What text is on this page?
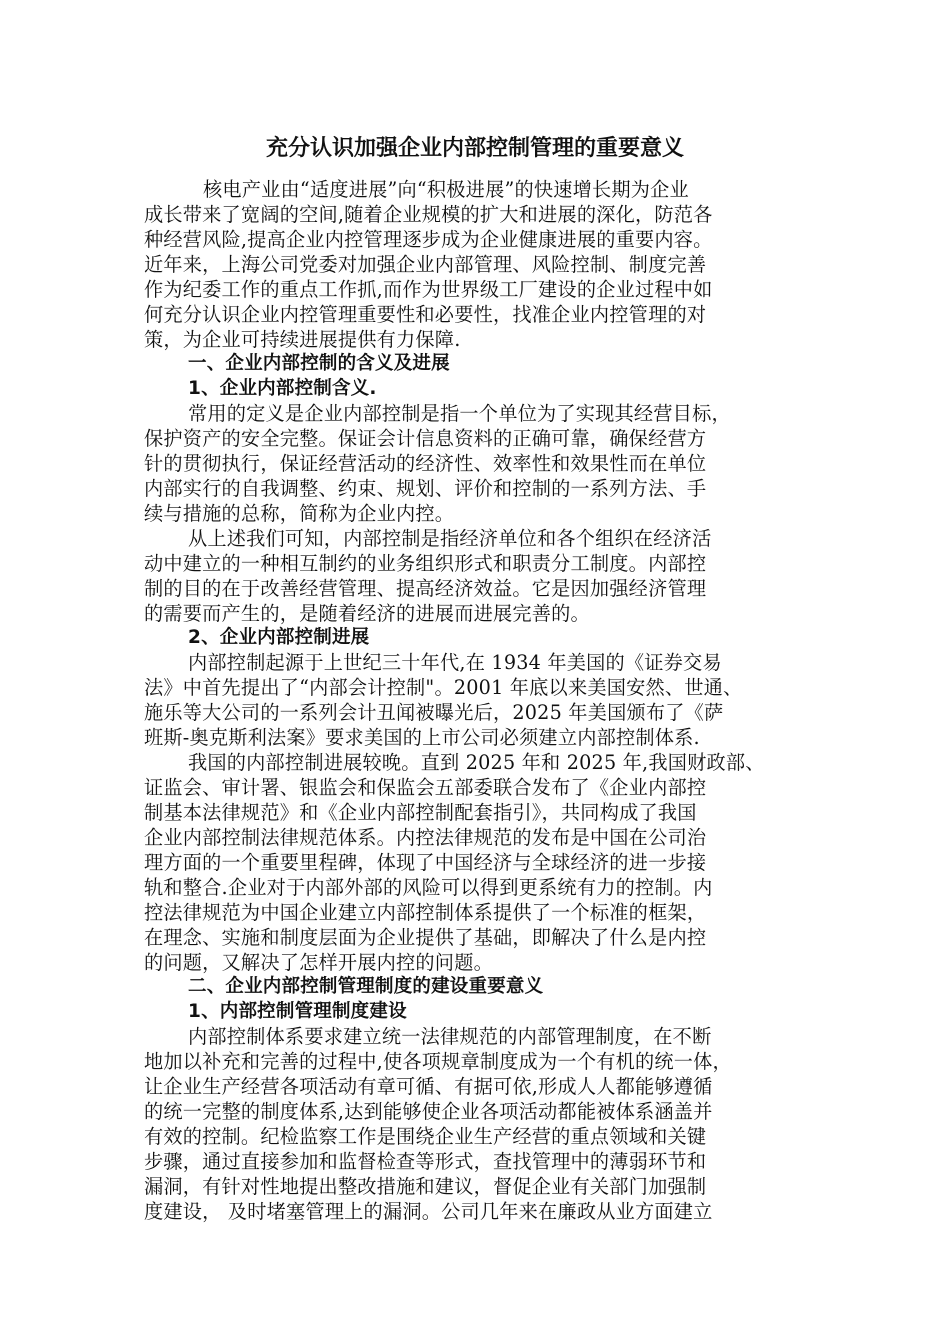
充分认识加强企业内部控制管理的重要意义
核电产业由“适度进展”向“积极进展”的快速增长期为企业
成长带来了宽阔的空间,随着企业规模的扩大和进展的深化，防范各
种经营风险,提高企业内控管理逐步成为企业健康进展的重要内容。
近年来，上海公司党委对加强企业内部管理、风险控制、制度完善
作为纪委工作的重点工作抓,而作为世界级工厂建设的企业过程中如
何充分认识企业内控管理重要性和必要性，找准企业内控管理的对
策，为企业可持续进展提供有力保障.
一、企业内部控制的含义及进展
1、企业内部控制含义.
常用的定义是企业内部控制是指一个单位为了实现其经营目标，
保护资产的安全完整。保证会计信息资料的正确可靠，确保经营方
针的贯彻执行，保证经营活动的经济性、效率性和效果性而在单位
内部实行的自我调整、约束、规划、评价和控制的一系列方法、手
续与措施的总称，简称为企业内控。
从上述我们可知，内部控制是指经济单位和各个组织在经济活
动中建立的一种相互制约的业务组织形式和职责分工制度。内部控
制的目的在于改善经营管理、提高经济效益。它是因加强经济管理
的需要而产生的，是随着经济的进展而进展完善的。
2、企业内部控制进展
内部控制起源于上世纪三十年代,在 1934 年美国的《证券交易
法》中首先提出了“内部会计控制"。2001 年底以来美国安然、世通、
施乐等大公司的一系列会计丑闻被曝光后，2025 年美国颁布了《萨
班斯-奥克斯利法案》要求美国的上市公司必须建立内部控制体系.
我国的内部控制进展较晚。直到 2025 年和 2025 年,我国财政部、
证监会、审计署、银监会和保监会五部委联合发布了《企业内部控
制基本法律规范》和《企业内部控制配套指引》，共同构成了我国
企业内部控制法律规范体系。内控法律规范的发布是中国在公司治
理方面的一个重要里程碑，体现了中国经济与全球经济的进一步接
轨和整合.企业对于内部外部的风险可以得到更系统有力的控制。内
控法律规范为中国企业建立内部控制体系提供了一个标准的框架，
在理念、实施和制度层面为企业提供了基础，即解决了什么是内控
的问题，又解决了怎样开展内控的问题。
二、企业内部控制管理制度的建设重要意义
1、内部控制管理制度建设
内部控制体系要求建立统一法律规范的内部管理制度，在不断
地加以补充和完善的过程中,使各项规章制度成为一个有机的统一体，
让企业生产经营各项活动有章可循、有据可依,形成人人都能够遵循
的统一完整的制度体系,达到能够使企业各项活动都能被体系涵盖并
有效的控制。纪检监察工作是围绕企业生产经营的重点领域和关键
步骤，通过直接参加和监督检查等形式，查找管理中的薄弱环节和
漏洞，有针对性地提出整改措施和建议，督促企业有关部门加强制
度建设， 及时堵塞管理上的漏洞。公司几年来在廉政从业方面建立
